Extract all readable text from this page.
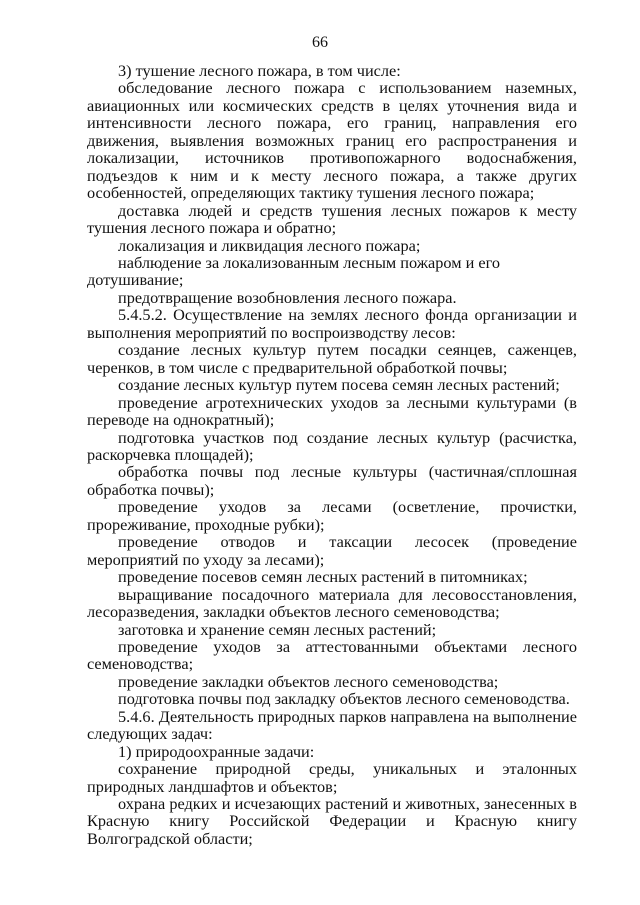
66

3) тушение лесного пожара, в том числе:

обследование лесного пожара с использованием наземных, авиационных или космических средств в целях уточнения вида и интенсивности лесного пожара, его границ, направления его движения, выявления возможных границ его распространения и локализации, источников противопожарного водоснабжения, подъездов к ним и к месту лесного пожара, а также других особенностей, определяющих тактику тушения лесного пожара;

доставка людей и средств тушения лесных пожаров к месту тушения лесного пожара и обратно;

локализация и ликвидация лесного пожара;

наблюдение за локализованным лесным пожаром и его дотушивание;

предотвращение возобновления лесного пожара.

5.4.5.2. Осуществление на землях лесного фонда организации и выполнения мероприятий по воспроизводству лесов:

создание лесных культур путем посадки сеянцев, саженцев, черенков, в том числе с предварительной обработкой почвы;

создание лесных культур путем посева семян лесных растений;

проведение агротехнических уходов за лесными культурами (в переводе на однократный);

подготовка участков под создание лесных культур (расчистка, раскорчевка площадей);

обработка почвы под лесные культуры (частичная/сплошная обработка почвы);

проведение уходов за лесами (осветление, прочистки, прореживание, проходные рубки);

проведение отводов и таксации лесосек (проведение мероприятий по уходу за лесами);

проведение посевов семян лесных растений в питомниках;

выращивание посадочного материала для лесовосстановления, лесоразведения, закладки объектов лесного семеноводства;

заготовка и хранение семян лесных растений;

проведение уходов за аттестованными объектами лесного семеноводства;

проведение закладки объектов лесного семеноводства;

подготовка почвы под закладку объектов лесного семеноводства.

5.4.6. Деятельность природных парков направлена на выполнение следующих задач:

1) природоохранные задачи:

сохранение природной среды, уникальных и эталонных природных ландшафтов и объектов;

охрана редких и исчезающих растений и животных, занесенных в Красную книгу Российской Федерации и Красную книгу Волгоградской области;
